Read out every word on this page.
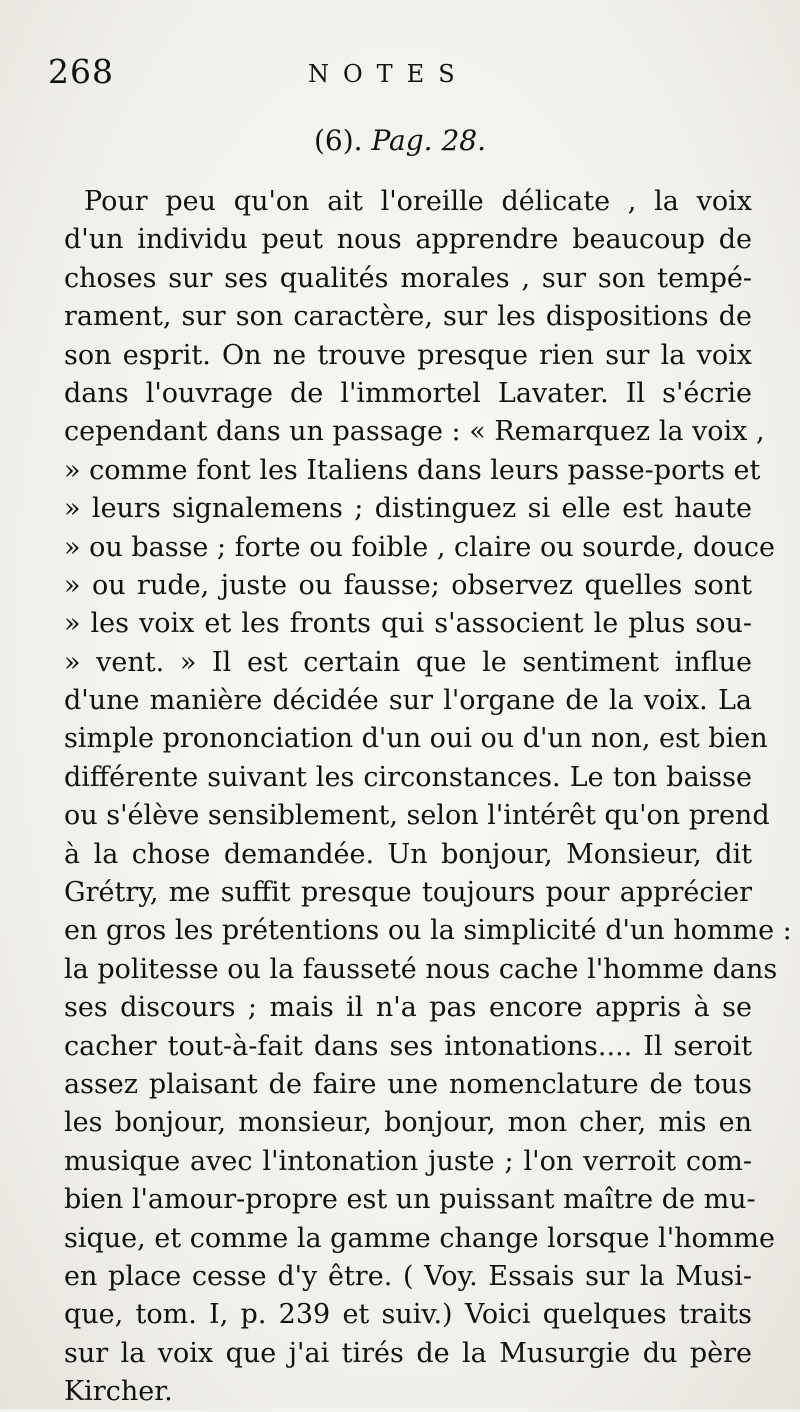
268	NOTES
(6). Pag. 28.
Pour peu qu'on ait l'oreille délicate , la voix
d'un individu peut nous apprendre beaucoup de
choses sur ses qualités morales , sur son tempé-
rament, sur son caractère, sur les dispositions de
son esprit. On ne trouve presque rien sur la voix
dans l'ouvrage de l'immortel Lavater. Il s'écrie
cependant dans un passage : « Remarquez la voix ,
» comme font les Italiens dans leurs passe-ports et
» leurs signalemens ; distinguez si elle est haute
» ou basse ; forte ou foible , claire ou sourde, douce
» ou rude, juste ou fausse; observez quelles sont
» les voix et les fronts qui s'associent le plus sou-
» vent. » Il est certain que le sentiment influe
d'une manière décidée sur l'organe de la voix. La
simple prononciation d'un oui ou d'un non, est bien
différente suivant les circonstances. Le ton baisse
ou s'élève sensiblement, selon l'intérêt qu'on prend
à la chose demandée. Un bonjour, Monsieur, dit
Grétry, me suffit presque toujours pour apprécier
en gros les prétentions ou la simplicité d'un homme :
la politesse ou la fausseté nous cache l'homme dans
ses discours ; mais il n'a pas encore appris à se
cacher tout-à-fait dans ses intonations.... Il seroit
assez plaisant de faire une nomenclature de tous
les bonjour, monsieur, bonjour, mon cher, mis en
musique avec l'intonation juste ; l'on verroit com-
bien l'amour-propre est un puissant maître de mu-
sique, et comme la gamme change lorsque l'homme
en place cesse d'y être. ( Voy. Essais sur la Musi-
que, tom. I, p. 239 et suiv.) Voici quelques traits
sur la voix que j'ai tirés de la Musurgie du père
Kircher.
